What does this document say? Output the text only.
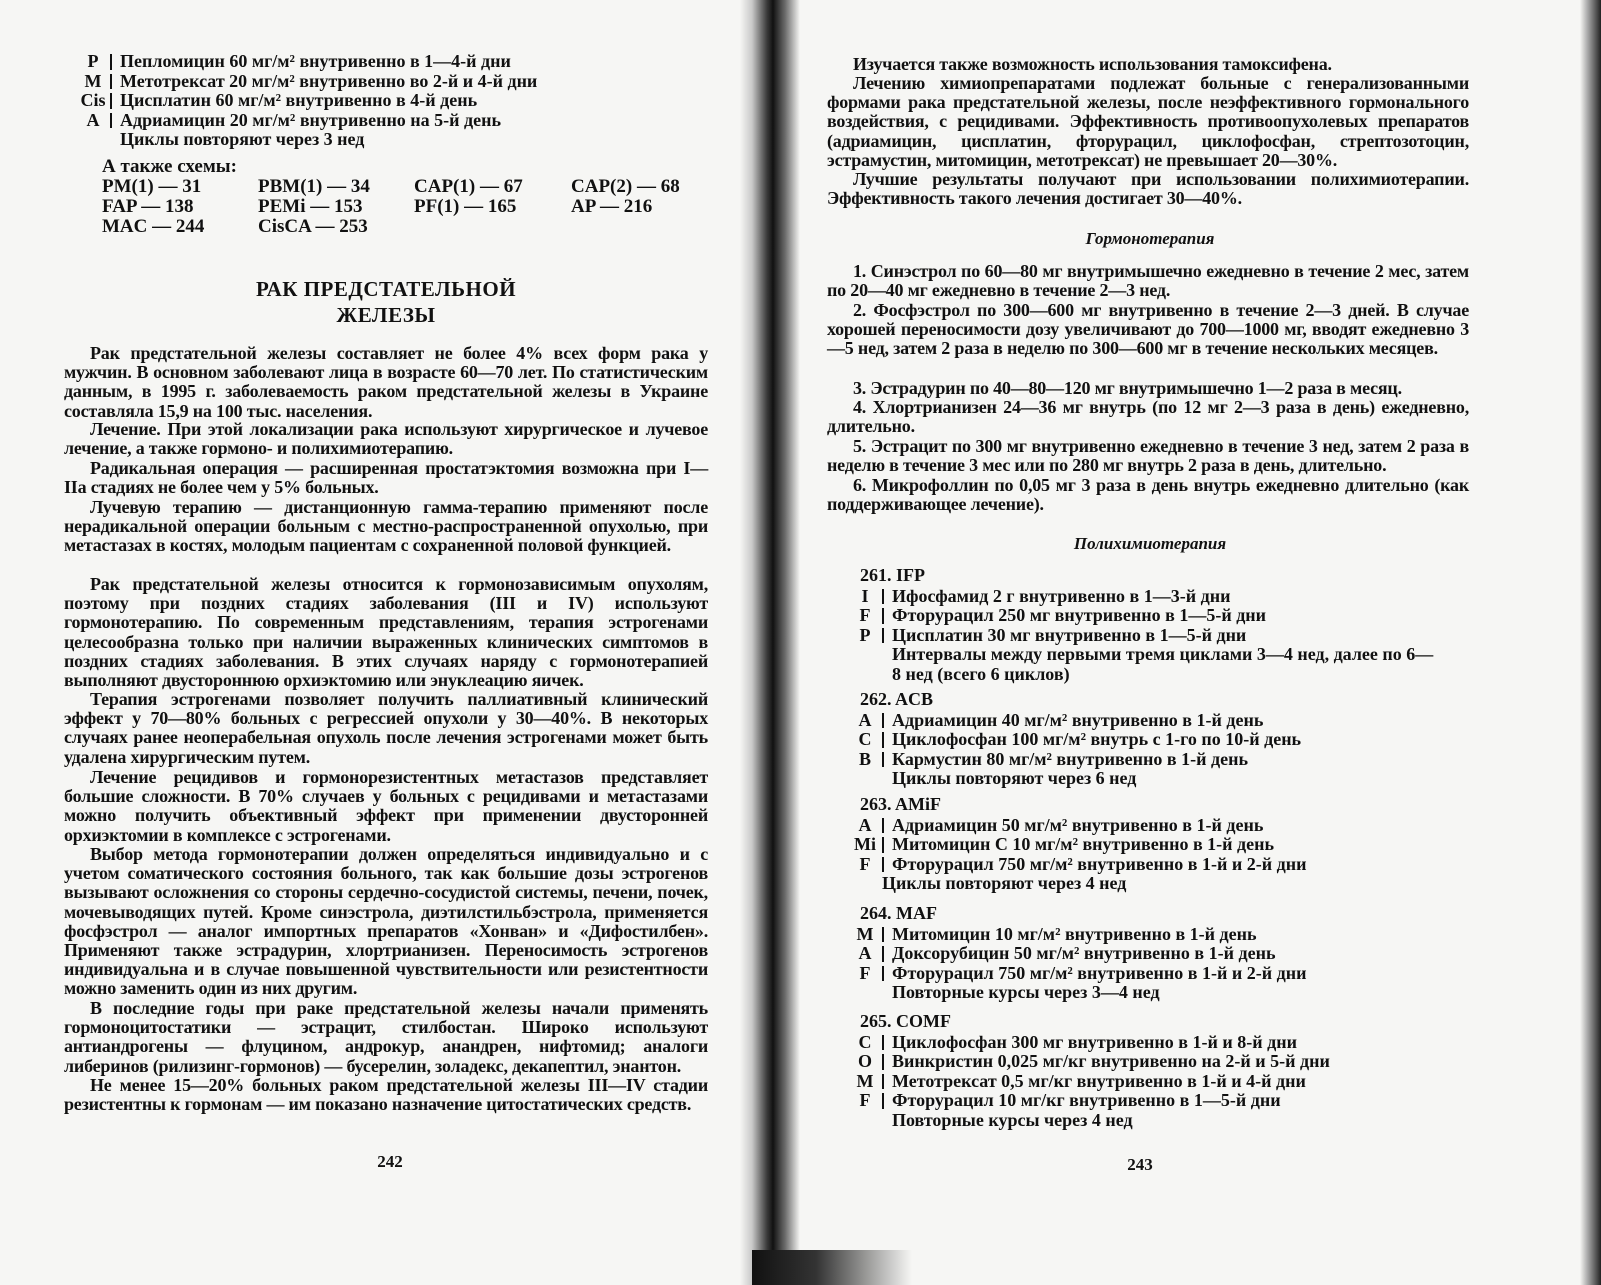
P	Пепломицин 60 мг/м² внутривенно в 1—4-й дни
M	Метотрексат 20 мг/м² внутривенно во 2-й и 4-й дни
Cis Цисплатин 60 мг/м² внутривенно в 4-й день
A	Адриамицин 20 мг/м² внутривенно на 5-й день
Циклы повторяют через 3 нед
А также схемы:
PM(1) — 31	PBM(1) — 34	CAP(1) — 67	CAP(2) — 68
FAP — 138	PEMi — 153	PF(1) — 165	AP — 216
MAC — 244	CisCA — 253
РАК ПРЕДСТАТЕЛЬНОЙ
ЖЕЛЕЗЫ

Рак предстательной железы составляет не более 4% всех форм рака у мужчин. В основном заболевают лица в возрасте 60—70 лет. По статистическим данным, в 1995 г. заболеваемость раком предстательной железы в Украине составляла 15,9 на 100 тыс. населения.

Лечение. При этой локализации рака используют хирургическое и лучевое лечение, а также гормоно- и полихимиотерапию.

Радикальная операция — расширенная простатэктомия возможна при I—IIа стадиях не более чем у 5% больных.

Лучевую терапию — дистанционную гамма-терапию применяют после нерадикальной операции больным с местно-распространенной опухолью, при метастазах в костях, молодым пациентам с сохраненной половой функцией.

Рак предстательной железы относится к гормонозависимым опухолям, поэтому при поздних стадиях заболевания (III и IV) используют гормонотерапию. По современным представлениям, терапия эстрогенами целесообразна только при наличии выраженных клинических симптомов в поздних стадиях заболевания. В этих случаях наряду с гормонотерапией выполняют двустороннюю орхиэктомию или энуклеацию яичек.

Терапия эстрогенами позволяет получить паллиативный клинический эффект у 70—80% больных с регрессией опухоли у 30—40%. В некоторых случаях ранее неоперабельная опухоль после лечения эстрогенами может быть удалена хирургическим путем.

Лечение рецидивов и гормонорезистентных метастазов представляет большие сложности. В 70% случаев у больных с рецидивами и метастазами можно получить объективный эффект при применении двусторонней орхиэктомии в комплексе с эстрогенами.

Выбор метода гормонотерапии должен определяться индивидуально и с учетом соматического состояния больного, так как большие дозы эстрогенов вызывают осложнения со стороны сердечно-сосудистой системы, печени, почек, мочевыводящих путей. Кроме синэстрола, диэтилстильбэстрола, применяется фосфэстрол — аналог импортных препаратов «Хонван» и «Дифостилбен». Применяют также эстрадурин, хлортрианизен. Переносимость эстрогенов индивидуальна и в случае повышенной чувствительности или резистентности можно заменить один из них другим.

В последние годы при раке предстательной железы начали применять гормоноцитостатики — эстрацит, стилбостан. Широко используют антиандрогены — флуцином, андрокур, анандрен, нифтомид; аналоги либеринов (рилизинг-гормонов) — бусерелин, золадекс, декапептил, энантон.

Не менее 15—20% больных раком предстательной железы III—IV стадии резистентны к гормонам — им показано назначение цитостатических средств.

242

Изучается также возможность использования тамоксифена.

Лечению химиопрепаратами подлежат больные с генерализованными формами рака предстательной железы, после неэффективного гормонального воздействия, с рецидивами. Эффективность противоопухолевых препаратов (адриамицин, цисплатин, фторурацил, циклофосфан, стрептозотоцин, эстрамустин, митомицин, метотрексат) не превышает 20—30%.

Лучшие результаты получают при использовании полихимиотерапии. Эффективность такого лечения достигает 30—40%.

Гормонотерапия

1. Синэстрол по 60—80 мг внутримышечно ежедневно в течение 2 мес, затем по 20—40 мг ежедневно в течение 2—3 нед.

2. Фосфэстрол по 300—600 мг внутривенно в течение 2—3 дней. В случае хорошей переносимости дозу увеличивают до 700—1000 мг, вводят ежедневно 3—5 нед, затем 2 раза в неделю по 300—600 мг в течение нескольких месяцев.

3. Эстрадурин по 40—80—120 мг внутримышечно 1—2 раза в месяц.

4. Хлортрианизен 24—36 мг внутрь (по 12 мг 2—3 раза в день) ежедневно, длительно.

5. Эстрацит по 300 мг внутривенно ежедневно в течение 3 нед, затем 2 раза в неделю в течение 3 мес или по 280 мг внутрь 2 раза в день, длительно.

6. Микрофоллин по 0,05 мг 3 раза в день внутрь ежедневно длительно (как поддерживающее лечение).

Полихимиотерапия
261. IFP
I	Ифосфамид 2 г внутривенно в 1—3-й дни
F	Фторурацил 250 мг внутривенно в 1—5-й дни
P	Цисплатин 30 мг внутривенно в 1—5-й дни
Интервалы между первыми тремя циклами 3—4 нед, далее по 6—
8 нед (всего 6 циклов)
262. ACB
A	Адриамицин 40 мг/м² внутривенно в 1-й день
C	Циклофосфан 100 мг/м² внутрь с 1-го по 10-й день
B	Кармустин 80 мг/м² внутривенно в 1-й день
Циклы повторяют через 6 нед
263. AMiF
A	Адриамицин 50 мг/м² внутривенно в 1-й день
Mi Митомицин С 10 мг/м² внутривенно в 1-й день
F	Фторурацил 750 мг/м² внутривенно в 1-й и 2-й дни
Циклы повторяют через 4 нед
264. MAF
M	Митомицин 10 мг/м² внутривенно в 1-й день
A	Доксорубицин 50 мг/м² внутривенно в 1-й день
F	Фторурацил 750 мг/м² внутривенно в 1-й и 2-й дни
Повторные курсы через 3—4 нед
265. COMF
C	Циклофосфан 300 мг внутривенно в 1-й и 8-й дни
O	Винкристин 0,025 мг/кг внутривенно на 2-й и 5-й дни
M	Метотрексат 0,5 мг/кг внутривенно в 1-й и 4-й дни
F	Фторурацил 10 мг/кг внутривенно в 1—5-й дни
Повторные курсы через 4 нед
243
